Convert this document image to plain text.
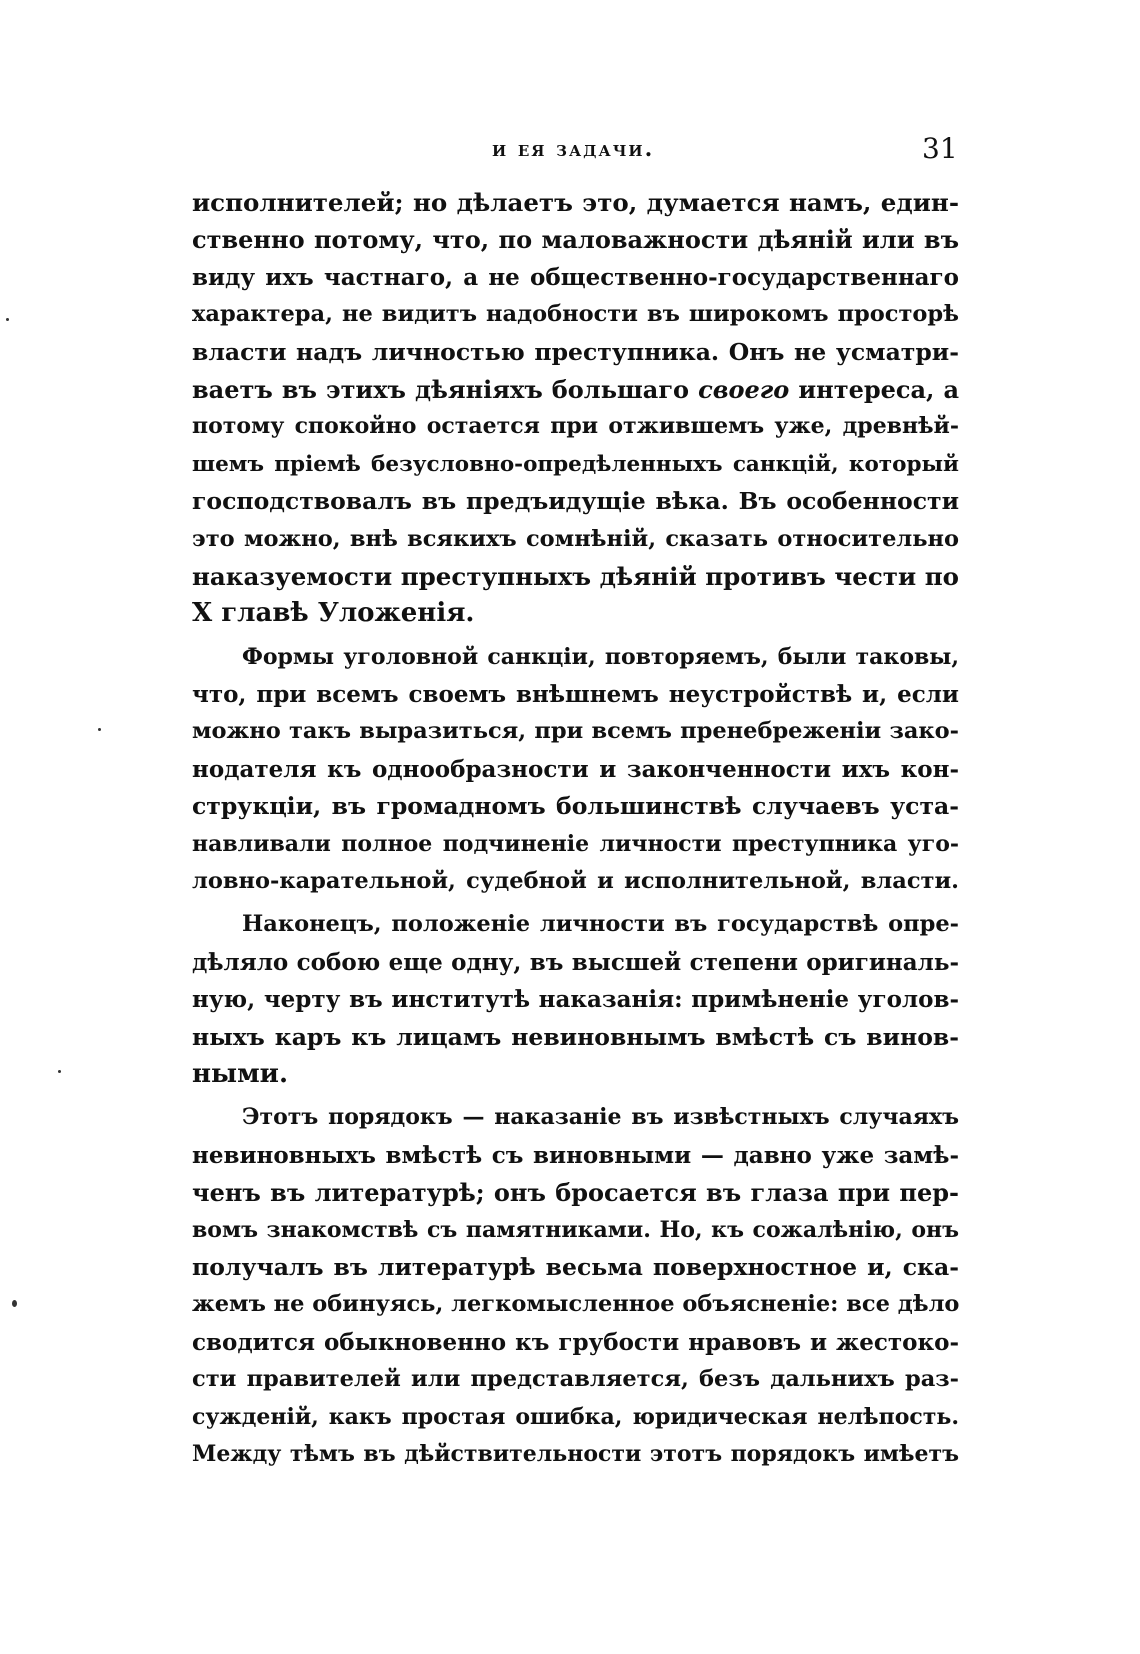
и ея задачи.	31
исполнителей; но дѣлаетъ это, думается намъ, един-
ственно потому, что, по маловажности дѣяній или въ
виду ихъ частнаго, а не общественно-государственнаго
характера, не видитъ надобности въ широкомъ просторѣ
власти надъ личностью преступника. Онъ не усматри-
ваетъ въ этихъ дѣяніяхъ большаго своего интереса, а
потому спокойно остается при отжившемъ уже, древнѣй-
шемъ пріемѣ безусловно-опредѣленныхъ санкцій, который
господствовалъ въ предъидущіе вѣка. Въ особенности
это можно, внѣ всякихъ сомнѣній, сказать относительно
наказуемости преступныхъ дѣяній противъ чести по
X главѣ Уложенія.
Формы уголовной санкціи, повторяемъ, были таковы,
что, при всемъ своемъ внѣшнемъ неустройствѣ и, если
можно такъ выразиться, при всемъ пренебреженіи зако-
нодателя къ однообразности и законченности ихъ кон-
струкціи, въ громадномъ большинствѣ случаевъ уста-
навливали полное подчиненіе личности преступника уго-
ловно-карательной, судебной и исполнительной, власти.
Наконецъ, положеніе личности въ государствѣ опре-
дѣляло собою еще одну, въ высшей степени оригиналь-
ную, черту въ институтѣ наказанія: примѣненіе уголов-
ныхъ каръ къ лицамъ невиновнымъ вмѣстѣ съ винов-
ными.
Этотъ порядокъ — наказаніе въ извѣстныхъ случаяхъ
невиновныхъ вмѣстѣ съ виновными — давно уже замѣ-
ченъ въ литературѣ; онъ бросается въ глаза при пер-
вомъ знакомствѣ съ памятниками. Но, къ сожалѣнію, онъ
получалъ въ литературѣ весьма поверхностное и, ска-
жемъ не обинуясь, легкомысленное объясненіе: все дѣло
сводится обыкновенно къ грубости нравовъ и жестоко-
сти правителей или представляется, безъ дальнихъ раз-
сужденій, какъ простая ошибка, юридическая нелѣпость.
Между тѣмъ въ дѣйствительности этотъ порядокъ имѣетъ
